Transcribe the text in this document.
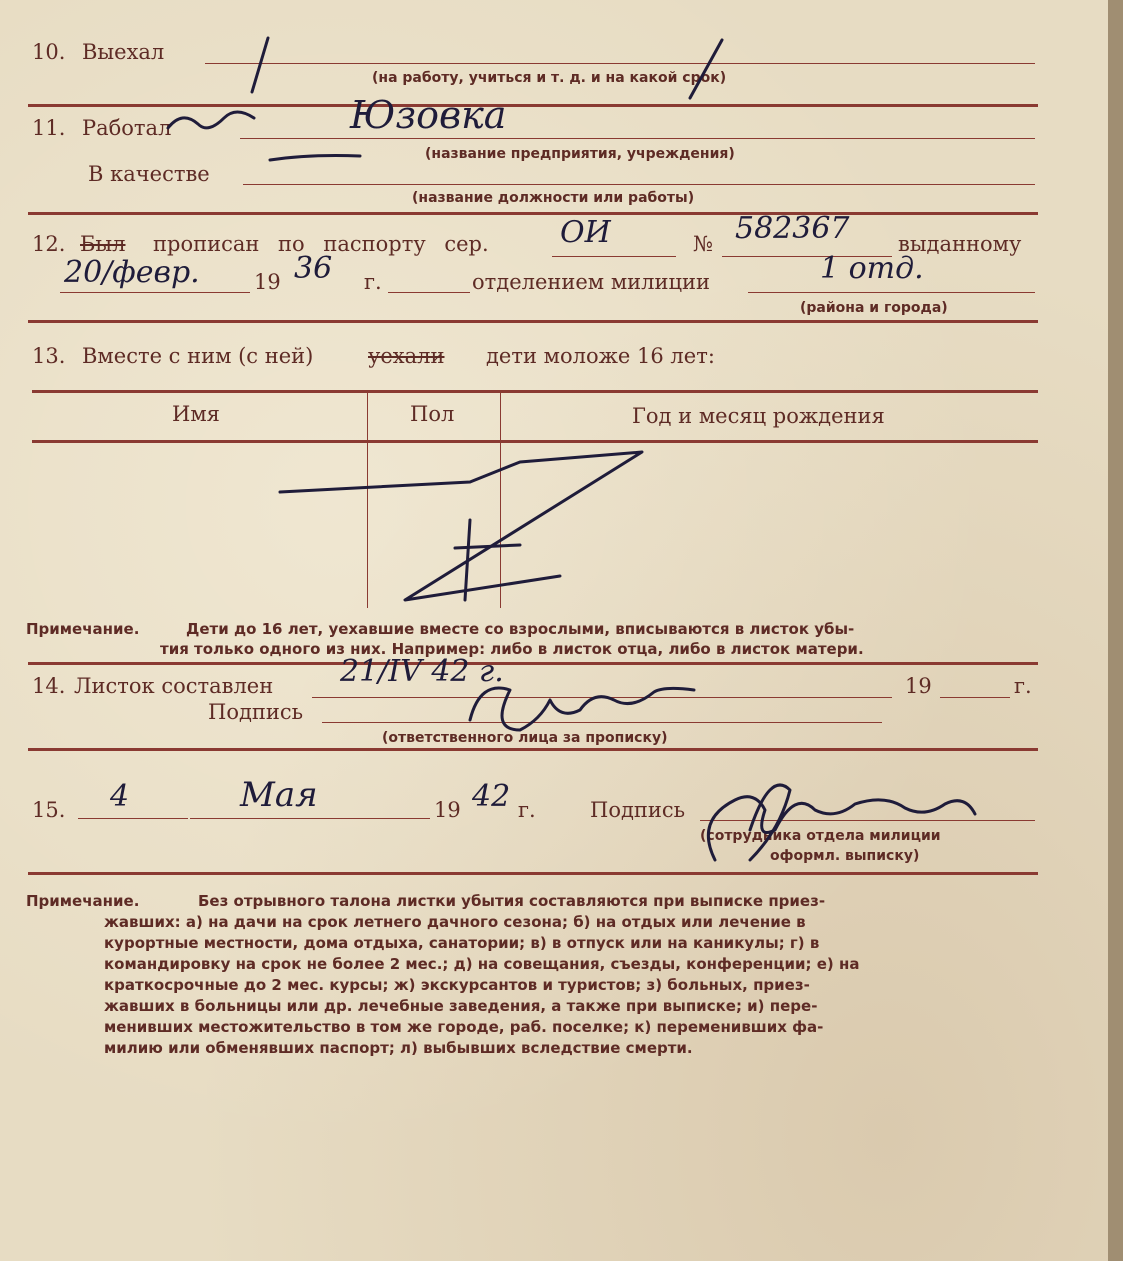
10. Выехал
(на работу, учиться и т. д. и на какой срок)
11. Работал
(название предприятия, учреждения)
В качестве
(название должности или работы)
Юзовка
12. Был прописан по паспорту сер.	№	выданному
ОИ	582367
20/февр.	19 36 г.	отделением милиции	1 отд.
(района и города)
13. Вместе с ним (с ней)	уехали дети моложе 16 лет:
Имя	Пол	Год и месяц рождения
Примечание.	Дети до 16 лет, уехавшие вместе со взрослыми, вписываются в листок убы-
тия только одного из них. Например: либо в листок отца, либо в листок матери.
14. Листок составлен 21/IV 42 г.	19	г.
Подпись
(ответственного лица за прописку)
15. 4	Мая	19 42 г.	Подпись
(сотрудника отдела милиции
оформл. выписку)
Примечание.	Без отрывного талона листки убытия составляются при выписке приез-
жавших: а) на дачи на срок летнего дачного сезона; б) на отдых или лечение в
курортные местности, дома отдыха, санатории; в) в отпуск или на каникулы; г) в
командировку на срок не более 2 мес.; д) на совещания, съезды, конференции; е) на
краткосрочные до 2 мес. курсы; ж) экскурсантов и туристов; з) больных, приез-
жавших в больницы или др. лечебные заведения, а также при выписке; и) пере-
менивших местожительство в том же городе, раб. поселке; к) переменивших фа-
милию или обменявших паспорт; л) выбывших вследствие смерти.
